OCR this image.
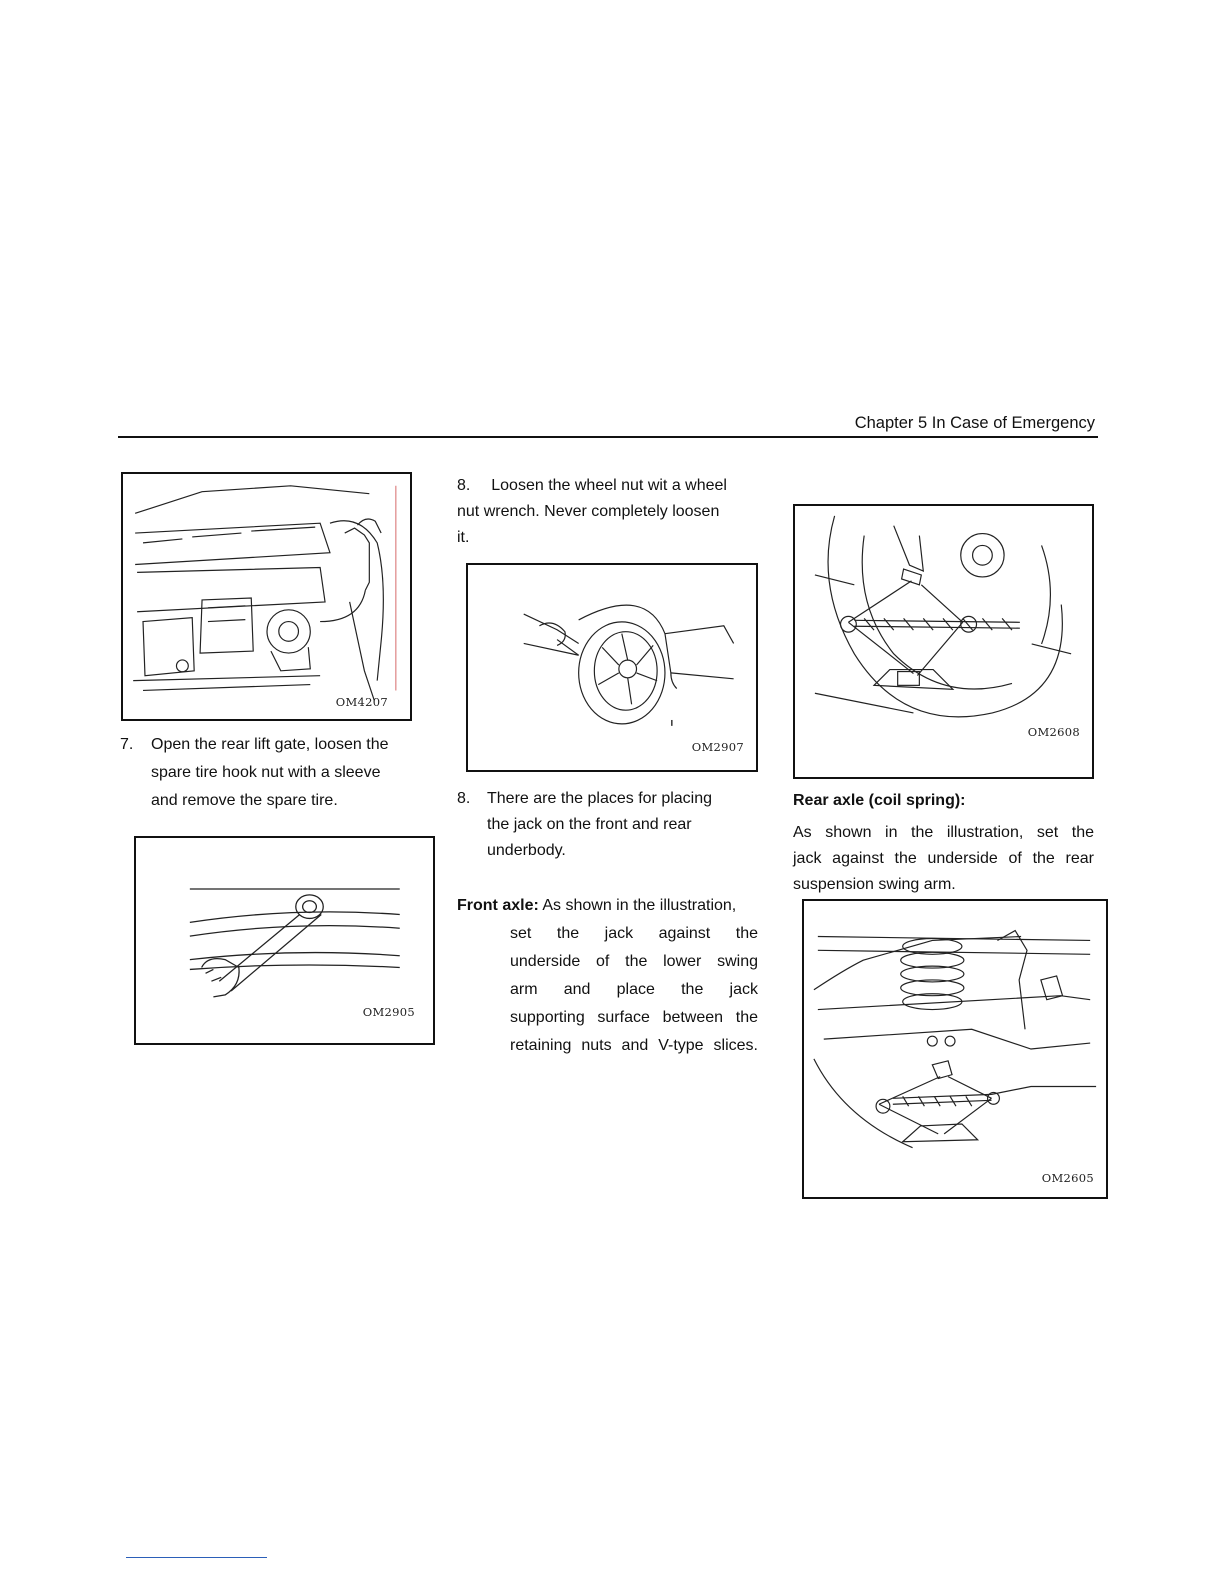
Chapter 5 In Case of Emergency
OM4207
7. Open the rear lift gate, loosen the
spare tire hook nut with a sleeve
and remove the spare tire.
OM2905
8. Loosen the wheel nut wit a wheel
nut wrench. Never completely loosen
it.
OM2907
8. There are the places for placing
the jack on the front and rear
underbody.
Front axle: As shown in the illustration,
set the jack against the
underside of the lower swing
arm and place the jack
supporting surface between the
retaining nuts and V-type slices.
OM2608
Rear axle (coil spring):
As shown in the illustration, set the
jack against the underside of the rear
suspension swing arm.
OM2605
